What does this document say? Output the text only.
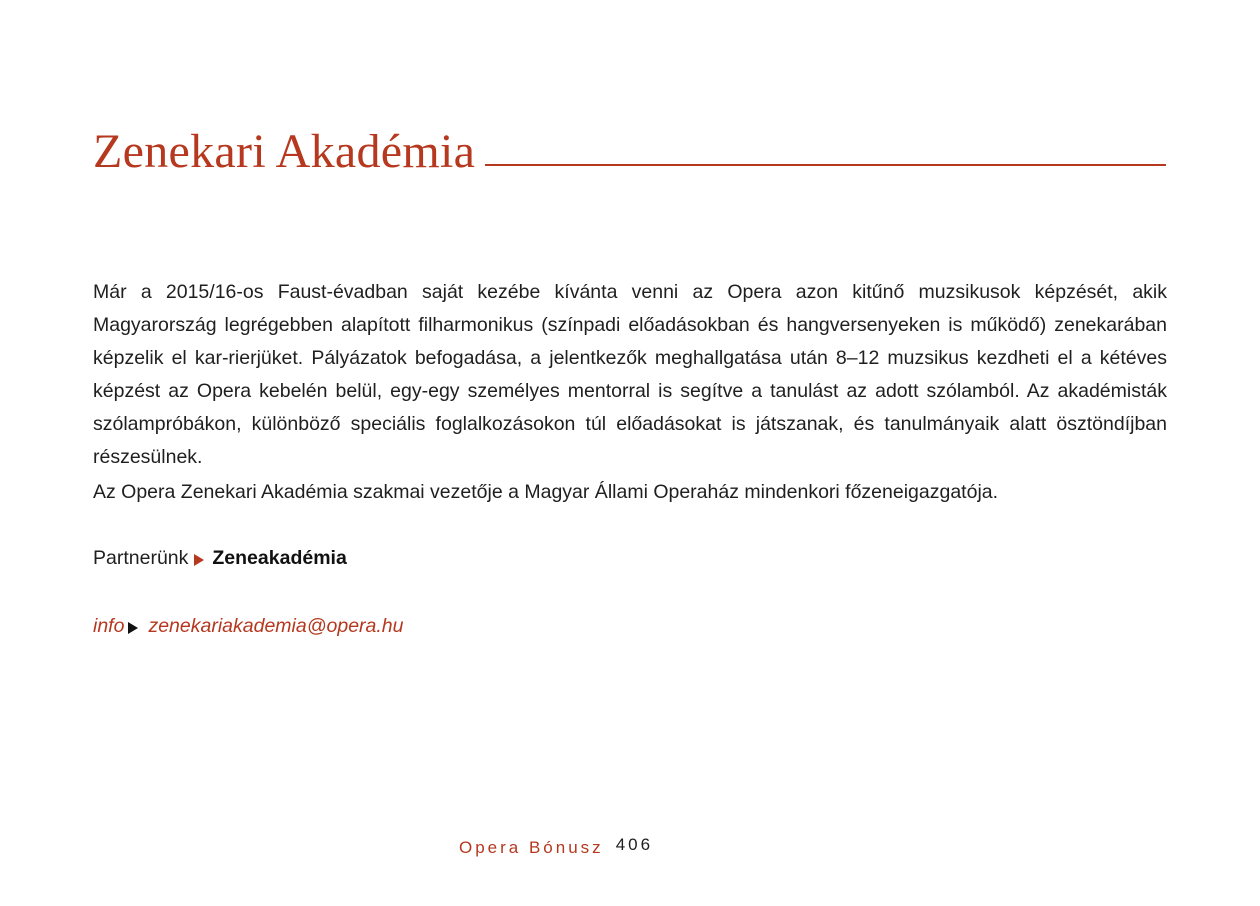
Zenekari Akadémia

Már a 2015/16-os Faust-évadban saját kezébe kívánta venni az Opera azon kitűnő muzsikusok képzését, akik Magyarország legrégebben alapított filharmonikus (színpadi előadásokban és hangversenyeken is működő) zenekarában képzelik el kar-rierjüket. Pályázatok befogadása, a jelentkezők meghallgatása után 8–12 muzsikus kezdheti el a kétéves képzést az Opera kebelén belül, egy-egy személyes mentorral is segítve a tanulást az adott szólamból. Az akadémisták szólampróbákon, különböző speciális foglalkozásokon túl előadásokat is játszanak, és tanulmányaik alatt ösztöndíjban részesülnek.

Az Opera Zenekari Akadémia szakmai vezetője a Magyar Állami Operaház mindenkori főzeneigazgatója.

Partnerünk Zeneakadémia
info zenekariakademia@opera.hu
Opera Bónusz 406
